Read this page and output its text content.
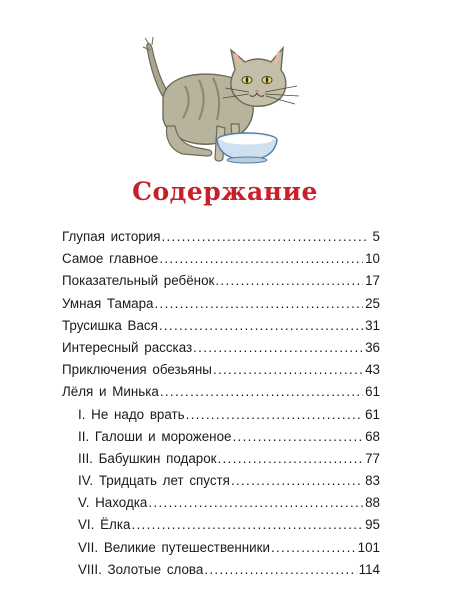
Содержание
Глупая история . . .	5
Самое главное . . .	10
Показательный ребёнок . . .	17
Умная Тамара . . .	25
Трусишка Вася . . .	31
Интересный рассказ . . .	36
Приключения обезьяны . . .	43
Лёля и Минька . . .	61
I. Не надо врать . . .	61
II. Галоши и мороженое . . .	68
III. Бабушкин подарок . . .	77
IV. Тридцать лет спустя . . .	83
V. Находка . . .	88
VI. Ёлка . . .	95
VII. Великие путешественники . . .	101
VIII. Золотые слова . . .	114
